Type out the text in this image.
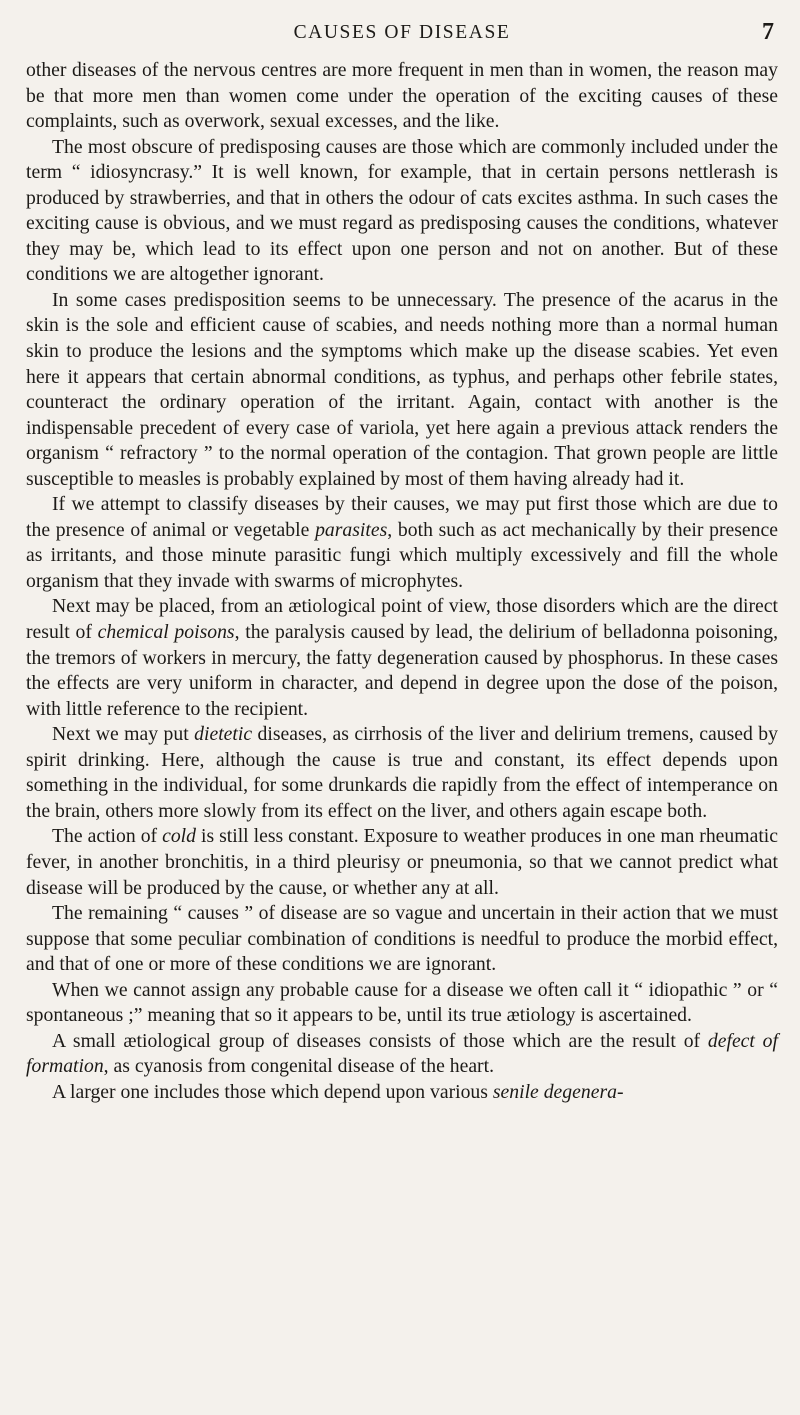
CAUSES OF DISEASE	7

other diseases of the nervous centres are more frequent in men than in women, the reason may be that more men than women come under the operation of the exciting causes of these complaints, such as overwork, sexual excesses, and the like.

The most obscure of predisposing causes are those which are commonly included under the term “ idiosyncrasy.” It is well known, for example, that in certain persons nettlerash is produced by strawberries, and that in others the odour of cats excites asthma. In such cases the exciting cause is obvious, and we must regard as predisposing causes the conditions, whatever they may be, which lead to its effect upon one person and not on another. But of these conditions we are altogether ignorant.

In some cases predisposition seems to be unnecessary. The presence of the acarus in the skin is the sole and efficient cause of scabies, and needs nothing more than a normal human skin to produce the lesions and the symptoms which make up the disease scabies. Yet even here it appears that certain abnormal conditions, as typhus, and perhaps other febrile states, counteract the ordinary operation of the irritant. Again, contact with another is the indispensable precedent of every case of variola, yet here again a previous attack renders the organism “ refractory ” to the normal operation of the contagion. That grown people are little susceptible to measles is probably explained by most of them having already had it.

If we attempt to classify diseases by their causes, we may put first those which are due to the presence of animal or vegetable parasites, both such as act mechanically by their presence as irritants, and those minute parasitic fungi which multiply excessively and fill the whole organism that they invade with swarms of microphytes.

Next may be placed, from an ætiological point of view, those disorders which are the direct result of chemical poisons, the paralysis caused by lead, the delirium of belladonna poisoning, the tremors of workers in mercury, the fatty degeneration caused by phosphorus. In these cases the effects are very uniform in character, and depend in degree upon the dose of the poison, with little reference to the recipient.

Next we may put dietetic diseases, as cirrhosis of the liver and delirium tremens, caused by spirit drinking. Here, although the cause is true and constant, its effect depends upon something in the individual, for some drunkards die rapidly from the effect of intemperance on the brain, others more slowly from its effect on the liver, and others again escape both.

The action of cold is still less constant. Exposure to weather produces in one man rheumatic fever, in another bronchitis, in a third pleurisy or pneumonia, so that we cannot predict what disease will be produced by the cause, or whether any at all.

The remaining “ causes ” of disease are so vague and uncertain in their action that we must suppose that some peculiar combination of conditions is needful to produce the morbid effect, and that of one or more of these conditions we are ignorant.

When we cannot assign any probable cause for a disease we often call it “ idiopathic ” or “ spontaneous ;” meaning that so it appears to be, until its true ætiology is ascertained.

A small ætiological group of diseases consists of those which are the result of defect of formation, as cyanosis from congenital disease of the heart.

A larger one includes those which depend upon various senile degenera-
